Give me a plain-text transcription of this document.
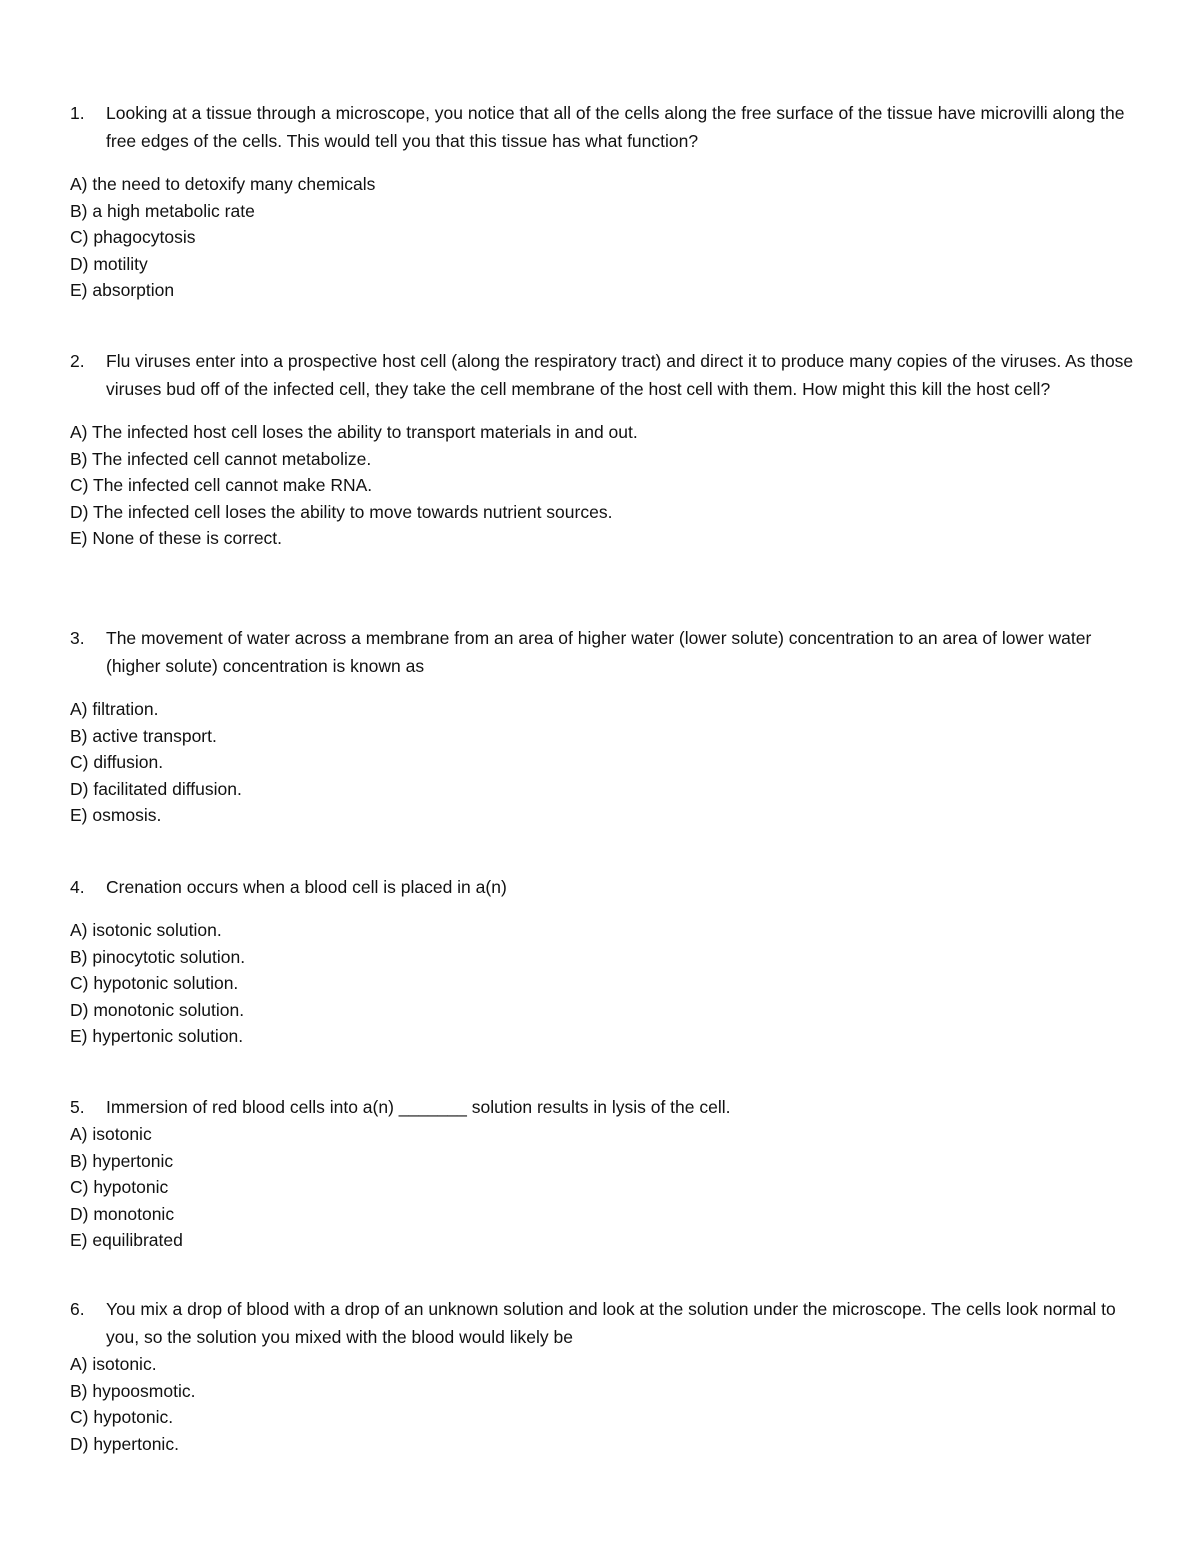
1. Looking at a tissue through a microscope, you notice that all of the cells along the free surface of the tissue have microvilli along the free edges of the cells. This would tell you that this tissue has what function?

A) the need to detoxify many chemicals
B) a high metabolic rate
C) phagocytosis
D) motility
E) absorption

2. Flu viruses enter into a prospective host cell (along the respiratory tract) and direct it to produce many copies of the viruses. As those viruses bud off of the infected cell, they take the cell membrane of the host cell with them. How might this kill the host cell?

A) The infected host cell loses the ability to transport materials in and out.
B) The infected cell cannot metabolize.
C) The infected cell cannot make RNA.
D) The infected cell loses the ability to move towards nutrient sources.
E) None of these is correct.

3. The movement of water across a membrane from an area of higher water (lower solute) concentration to an area of lower water (higher solute) concentration is known as

A) filtration.
B) active transport.
C) diffusion.
D) facilitated diffusion.
E) osmosis.

4. Crenation occurs when a blood cell is placed in a(n)

A) isotonic solution.
B) pinocytotic solution.
C) hypotonic solution.
D) monotonic solution.
E) hypertonic solution.

5. Immersion of red blood cells into a(n) _______ solution results in lysis of the cell.

A) isotonic
B) hypertonic
C) hypotonic
D) monotonic
E) equilibrated

6. You mix a drop of blood with a drop of an unknown solution and look at the solution under the microscope. The cells look normal to you, so the solution you mixed with the blood would likely be

A) isotonic.
B) hypoosmotic.
C) hypotonic.
D) hypertonic.
